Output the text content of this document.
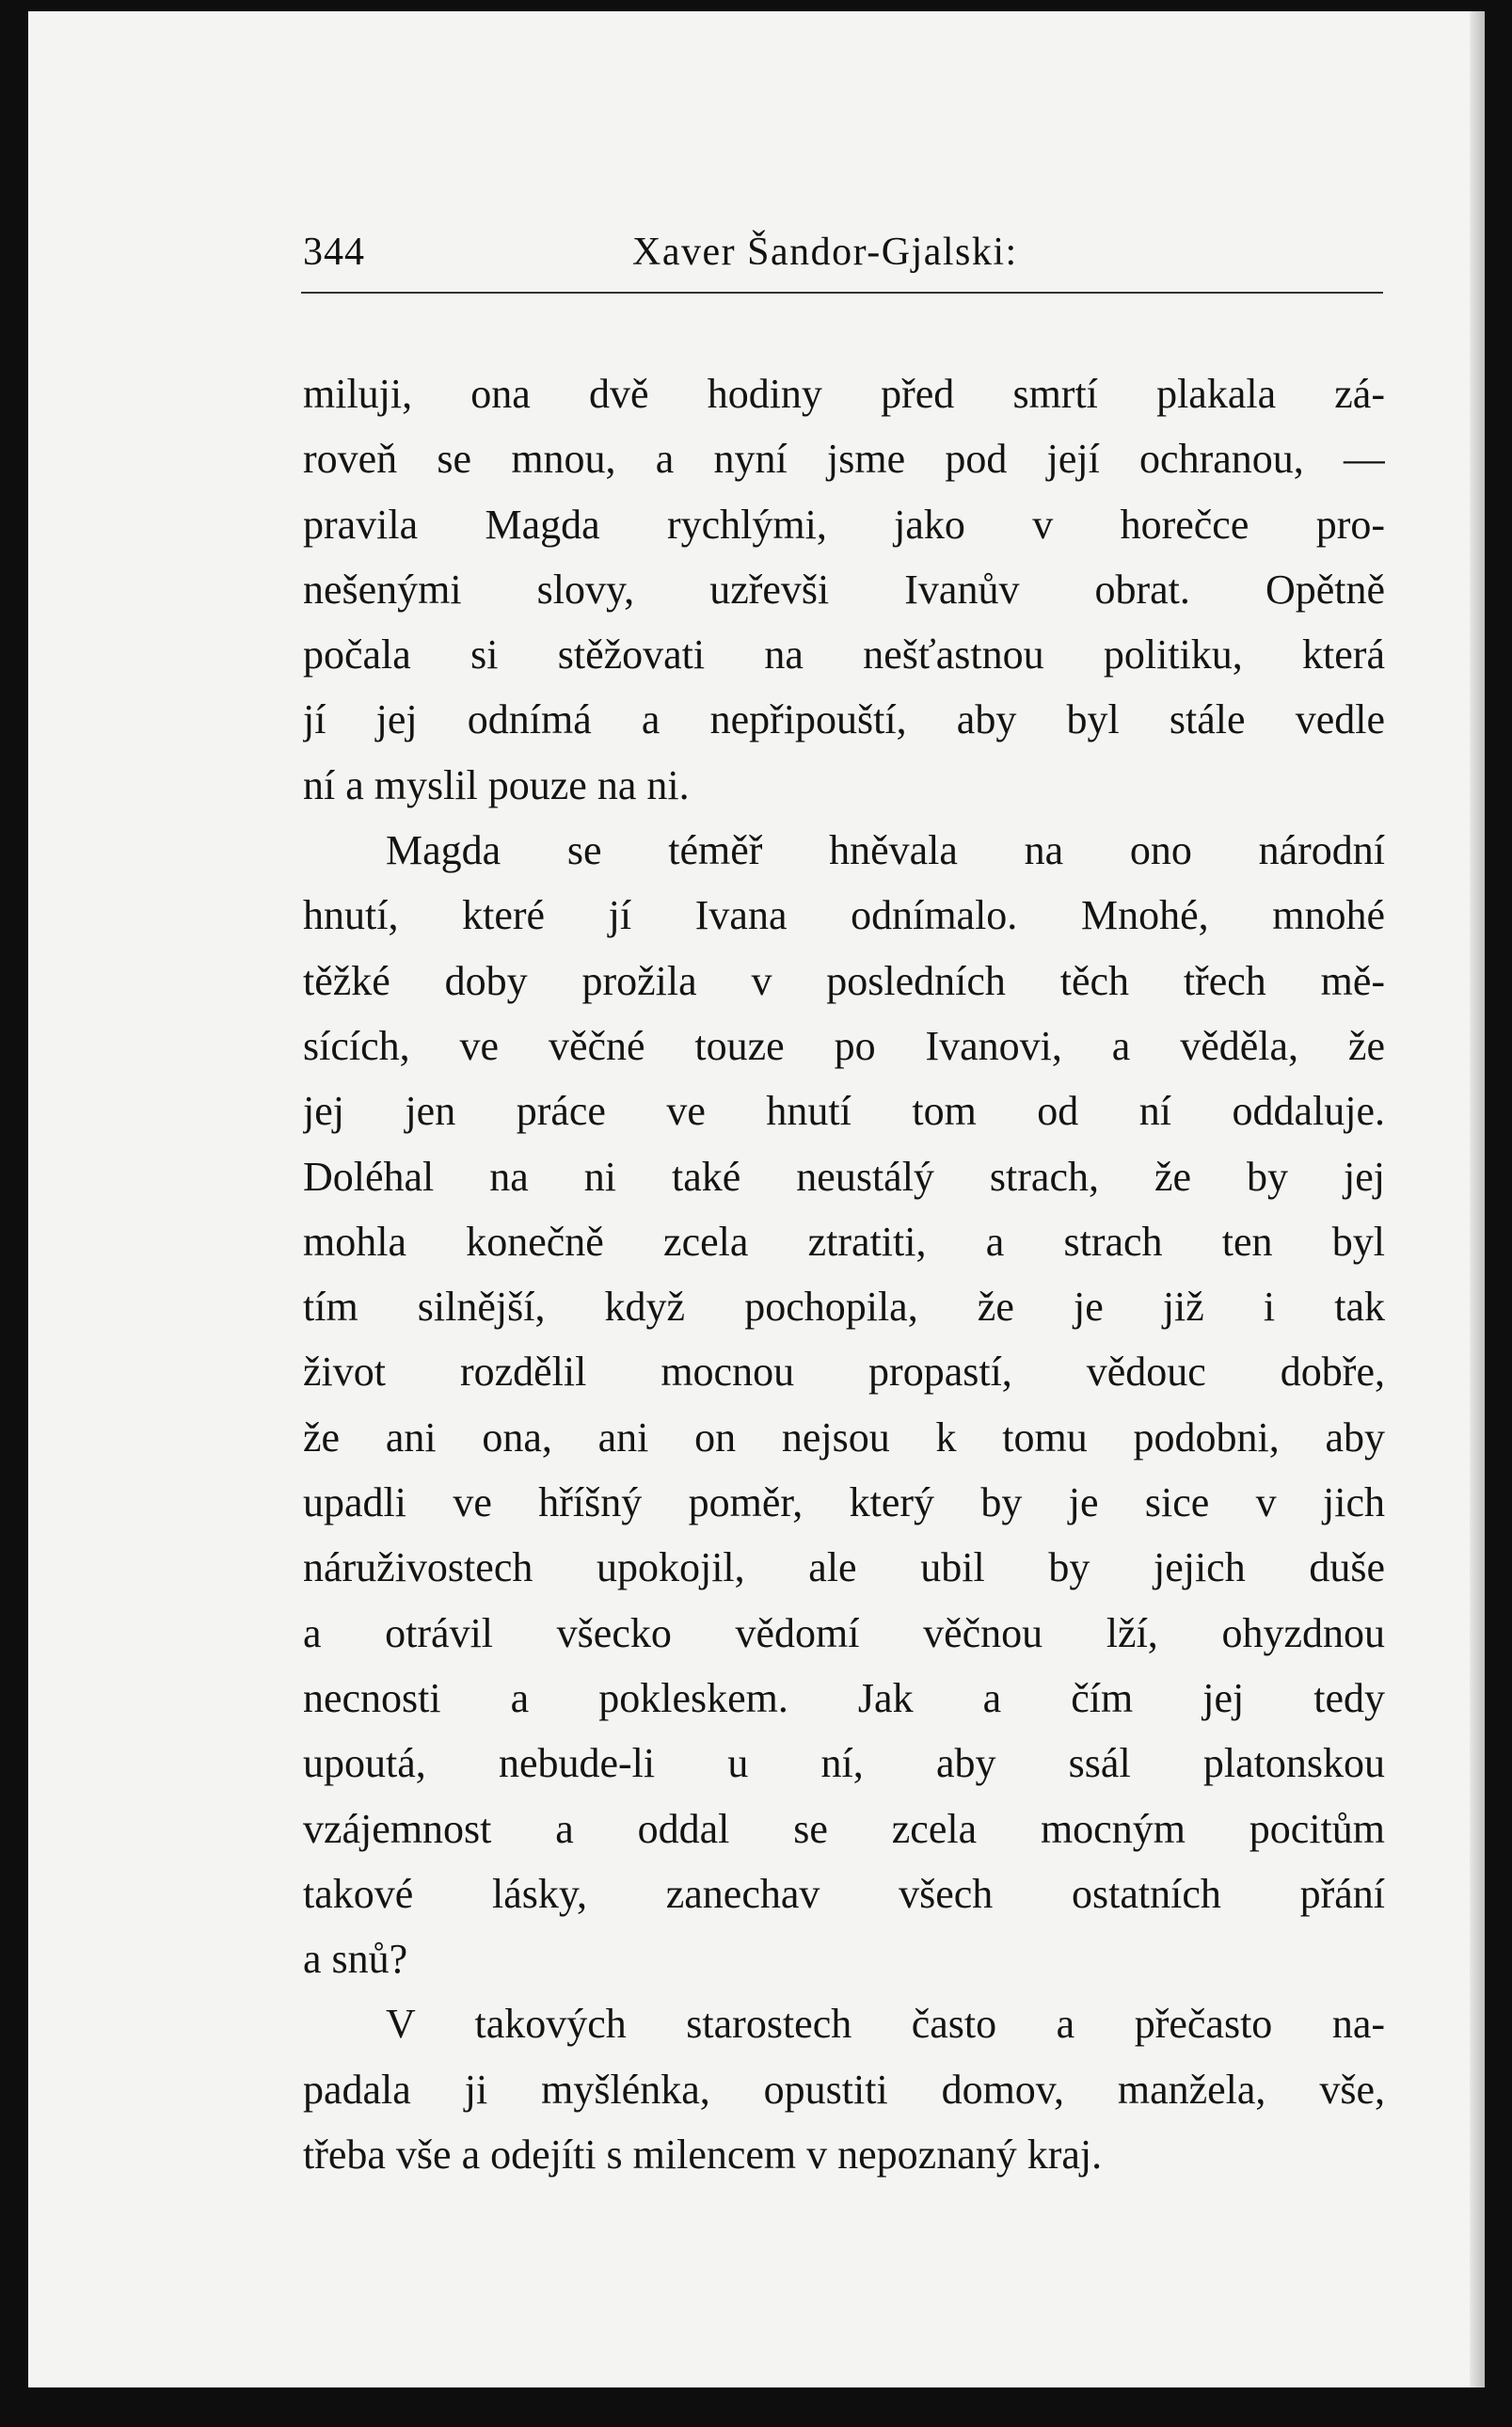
344	Xaver Šandor-Gjalski:
miluji, ona dvě hodiny před smrtí plakala zá-
roveň se mnou, a nyní jsme pod její ochranou, —
pravila Magda rychlými, jako v horečce pro-
nešenými slovy, uzřevši Ivanův obrat. Opětně
počala si stěžovati na nešťastnou politiku, která
jí jej odnímá a nepřipouští, aby byl stále vedle
ní a myslil pouze na ni.
Magda se téměř hněvala na ono národní
hnutí, které jí Ivana odnímalo. Mnohé, mnohé
těžké doby prožila v posledních těch třech mě-
sících, ve věčné touze po Ivanovi, a věděla, že
jej jen práce ve hnutí tom od ní oddaluje.
Doléhal na ni také neustálý strach, že by jej
mohla konečně zcela ztratiti, a strach ten byl
tím silnější, když pochopila, že je již i tak
život rozdělil mocnou propastí, vědouc dobře,
že ani ona, ani on nejsou k tomu podobni, aby
upadli ve hříšný poměr, který by je sice v jich
náruživostech upokojil, ale ubil by jejich duše
a otrávil všecko vědomí věčnou lží, ohyzdnou
necnosti a pokleskem. Jak a čím jej tedy
upoutá, nebude-li u ní, aby ssál platonskou
vzájemnost a oddal se zcela mocným pocitům
takové lásky, zanechav všech ostatních přání
a snů?
V takových starostech často a přečasto na-
padala ji myšlénka, opustiti domov, manžela, vše,
třeba vše a odejíti s milencem v nepoznaný kraj.
